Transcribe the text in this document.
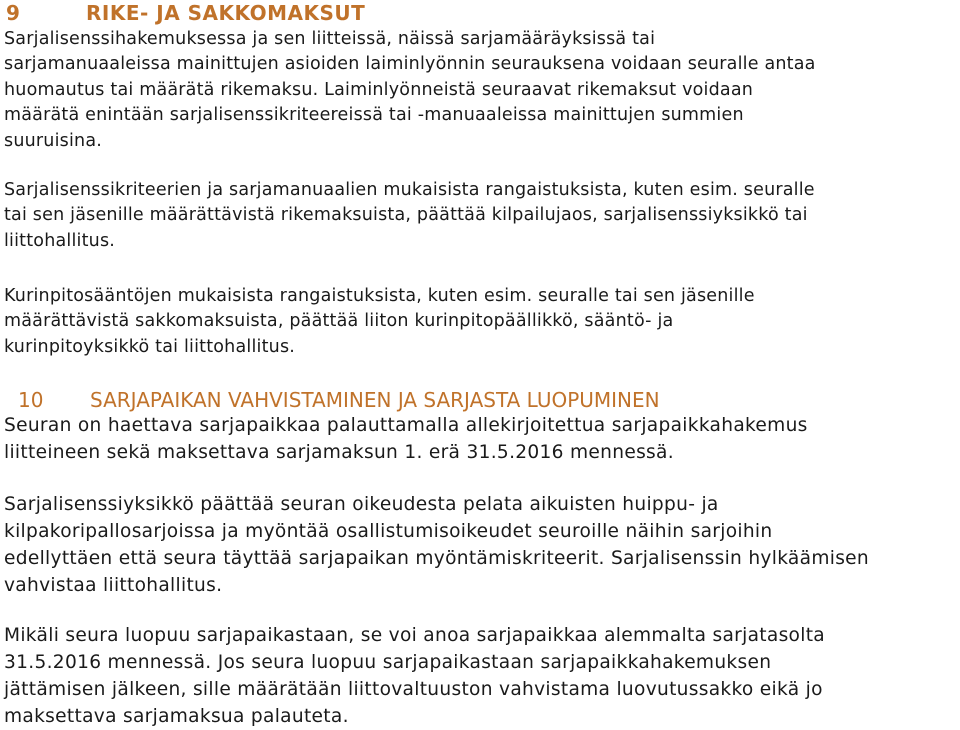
9	RIKE- JA SAKKOMAKSUT

Sarjalisenssihakemuksessa ja sen liitteissä, näissä sarjamääräyksissä tai
sarjamanuaaleissa mainittujen asioiden laiminlyönnin seurauksena voidaan seuralle antaa
huomautus tai määrätä rikemaksu. Laiminlyönneistä seuraavat rikemaksut voidaan
määrätä enintään sarjalisenssikriteereissä tai -manuaaleissa mainittujen summien
suuruisina.

Sarjalisenssikriteerien ja sarjamanuaalien mukaisista rangaistuksista, kuten esim. seuralle
tai sen jäsenille määrättävistä rikemaksuista, päättää kilpailujaos, sarjalisenssiyksikkö tai
liittohallitus.

Kurinpitosääntöjen mukaisista rangaistuksista, kuten esim. seuralle tai sen jäsenille
määrättävistä sakkomaksuista, päättää liiton kurinpitopäällikkö, sääntö- ja
kurinpitoyksikkö tai liittohallitus.

10 SARJAPAIKAN VAHVISTAMINEN JA SARJASTA LUOPUMINEN

Seuran on haettava sarjapaikkaa palauttamalla allekirjoitettua sarjapaikkahakemus
liitteineen sekä maksettava sarjamaksun 1. erä 31.5.2016 mennessä.

Sarjalisenssiyksikkö päättää seuran oikeudesta pelata aikuisten huippu- ja
kilpakoripallosarjoissa ja myöntää osallistumisoikeudet seuroille näihin sarjoihin
edellyttäen että seura täyttää sarjapaikan myöntämiskriteerit. Sarjalisenssin hylkäämisen
vahvistaa liittohallitus.

Mikäli seura luopuu sarjapaikastaan, se voi anoa sarjapaikkaa alemmalta sarjatasolta
31.5.2016 mennessä. Jos seura luopuu sarjapaikastaan sarjapaikkahakemuksen
jättämisen jälkeen, sille määrätään liittovaltuuston vahvistama luovutussakko eikä jo
maksettava sarjamaksua palauteta.
